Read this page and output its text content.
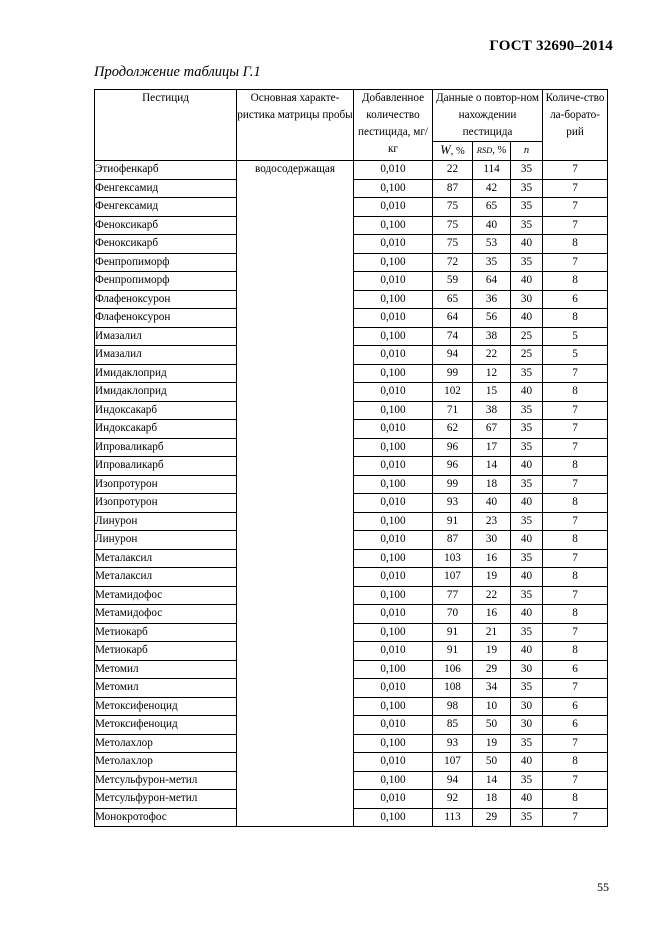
ГОСТ 32690–2014
Продолжение таблицы Г.1
Пестицид	Основная характе-ристика матрицы пробы	Добавленное количество пестицида, мг/кг	Данные о повтор-ном нахождении пестицида			Количе-ство ла-борато-рий
			W, %	RSD, %	n	
Этиофенкарб	водосодержащая	0,010	22	114	35	7
Фенгексамид		0,100	87	42	35	7
Фенгексамид		0,010	75	65	35	7
Феноксикарб		0,100	75	40	35	7
Феноксикарб		0,010	75	53	40	8
Фенпропиморф		0,100	72	35	35	7
Фенпропиморф		0,010	59	64	40	8
Флафеноксурон		0,100	65	36	30	6
Флафеноксурон		0,010	64	56	40	8
Имазалил		0,100	74	38	25	5
Имазалил		0,010	94	22	25	5
Имидаклоприд		0,100	99	12	35	7
Имидаклоприд		0,010	102	15	40	8
Индоксакарб		0,100	71	38	35	7
Индоксакарб		0,010	62	67	35	7
Ипроваликарб		0,100	96	17	35	7
Ипроваликарб		0,010	96	14	40	8
Изопротурон		0,100	99	18	35	7
Изопротурон		0,010	93	40	40	8
Линурон		0,100	91	23	35	7
Линурон		0,010	87	30	40	8
Металаксил		0,100	103	16	35	7
Металаксил		0,010	107	19	40	8
Метамидофос		0,100	77	22	35	7
Метамидофос		0,010	70	16	40	8
Метиокарб		0,100	91	21	35	7
Метиокарб		0,010	91	19	40	8
Метомил		0,100	106	29	30	6
Метомил		0,010	108	34	35	7
Метоксифеноцид		0,100	98	10	30	6
Метоксифеноцид		0,010	85	50	30	6
Метолахлор		0,100	93	19	35	7
Метолахлор		0,010	107	50	40	8
Метсульфурон-метил		0,100	94	14	35	7
Метсульфурон-метил		0,010	92	18	40	8
Монокротофос		0,100	113	29	35	7
55
